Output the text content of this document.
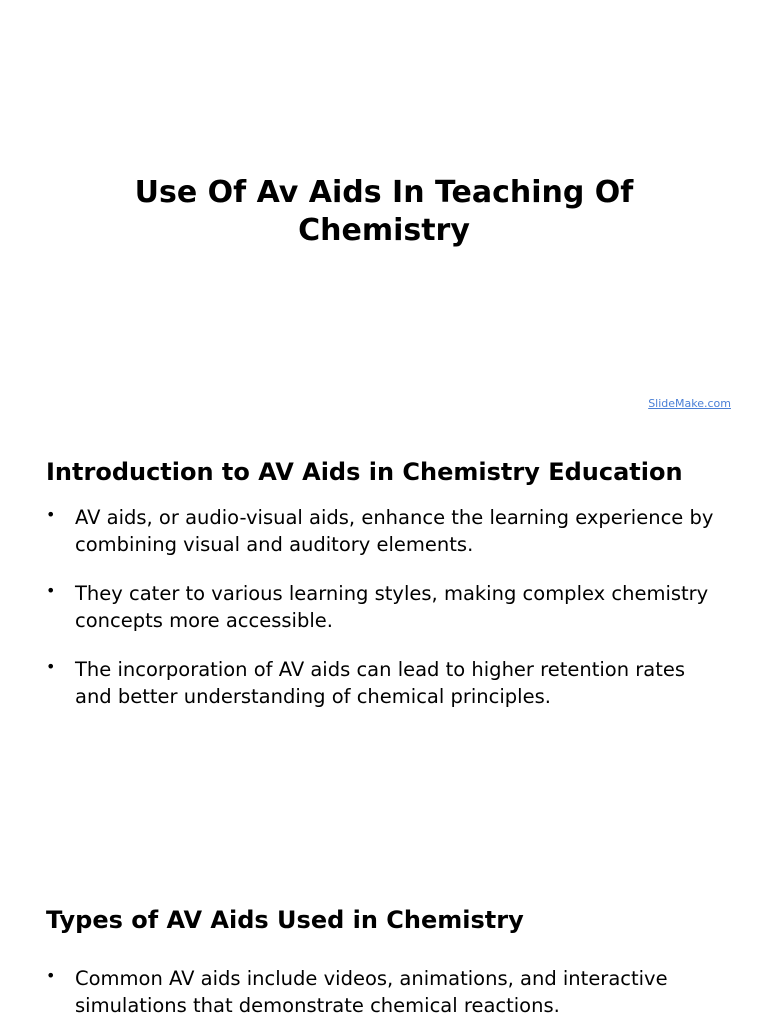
Use Of Av Aids In Teaching Of Chemistry
SlideMake.com
Introduction to AV Aids in Chemistry Education
• AV aids, or audio-visual aids, enhance the learning experience by combining visual and auditory elements.
• They cater to various learning styles, making complex chemistry concepts more accessible.
• The incorporation of AV aids can lead to higher retention rates and better understanding of chemical principles.
Types of AV Aids Used in Chemistry
• Common AV aids include videos, animations, and interactive simulations that demonstrate chemical reactions.
